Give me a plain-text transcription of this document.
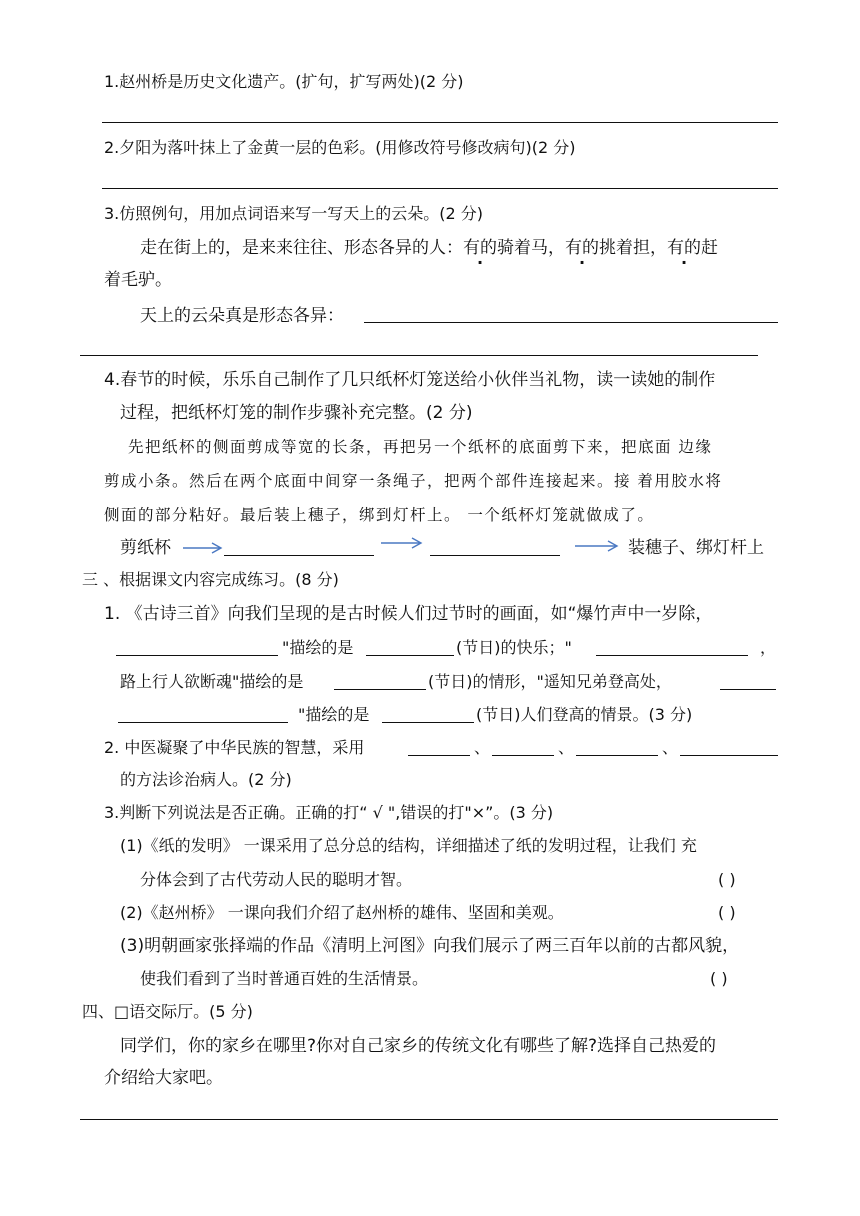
1.赵州桥是历史文化遗产。(扩句，扩写两处)(2 分)
2.夕阳为落叶抹上了金黄一层的色彩。(用修改符号修改病句)(2 分)
3.仿照例句，用加点词语来写一写天上的云朵。(2 分)
走在街上的，是来来往往、形态各异的人：有的骑着马，有的挑着担，有的赶
着毛驴。
天上的云朵真是形态各异：
4.春节的时候，乐乐自己制作了几只纸杯灯笼送给小伙伴当礼物，读一读她的制作
过程，把纸杯灯笼的制作步骤补充完整。(2 分)
先把纸杯的侧面剪成等宽的长条，再把另一个纸杯的底面剪下来，把底面 边缘
剪成小条。然后在两个底面中间穿一条绳子，把两个部件连接起来。接 着用胶水将
侧面的部分粘好。最后装上穗子，绑到灯杆上。 一个纸杯灯笼就做成了。
剪纸杯	装穗子、绑灯杆上
三 、根据课文内容完成练习。(8 分)
1. 《古诗三首》向我们呈现的是古时候人们过节时的画面，如“爆竹声中一岁除，
"描绘的是	(节日)的快乐；"	，
路上行人欲断魂"描绘的是	(节日)的情形，"遥知兄弟登高处，
"描绘的是	(节日)人们登高的情景。(3 分)
2. 中医凝聚了中华民族的智慧，采用	、	、	、
的方法诊治病人。(2 分)
3.判断下列说法是否正确。正确的打“ √ ",错误的打"×”。(3 分)
(1)《纸的发明》 一课采用了总分总的结构，详细描述了纸的发明过程，让我们 充
分体会到了古代劳动人民的聪明才智。	( )
(2)《赵州桥》 一课向我们介绍了赵州桥的雄伟、坚固和美观。	( )
(3)明朝画家张择端的作品《清明上河图》向我们展示了两三百年以前的古都风貌，
使我们看到了当时普通百姓的生活情景。	( )
四、□语交际厅。(5 分)
同学们，你的家乡在哪里?你对自己家乡的传统文化有哪些了解?选择自己热爱的
介绍给大家吧。
